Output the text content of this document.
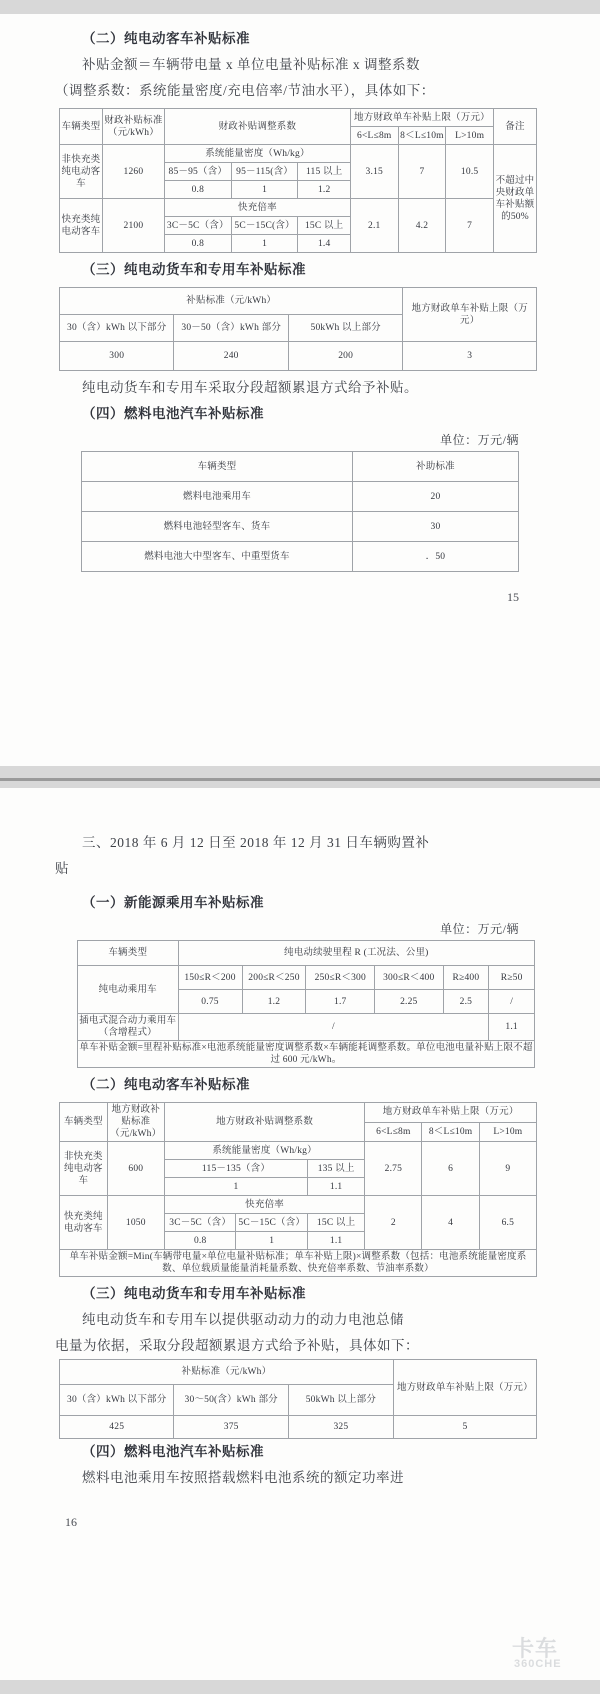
（二）纯电动客车补贴标准

补贴金额＝车辆带电量 x 单位电量补贴标准 x 调整系数

（调整系数：系统能量密度/充电倍率/节油水平），具体如下：

车辆类型	财政补贴标准（元/kWh）	财政补贴调整系数			地方财政单车补贴上限（万元）			备注
					6<L≤8m	8＜L≤10m	L>10m	
非快充类纯电动客车	1260	系统能量密度（Wh/kg）			3.15	7	10.5	不超过中央财政单车补贴额的50%
		85－95（含）	95－115(含）	115 以上				
		0.8	1	1.2				
快充类纯电动客车	2100	快充倍率			2.1	4.2	7	
		3C－5C（含）	5C－15C(含）	15C 以上				
		0.8	1	1.4				
（三）纯电动货车和专用车补贴标准
补贴标准（元/kWh）			地方财政单车补贴上限（万元）
30（含）kWh 以下部分	30－50（含）kWh 部分	50kWh 以上部分	
300	240	200	3

纯电动货车和专用车采取分段超额累退方式给予补贴。

（四）燃料电池汽车补贴标准
单位：万元/辆
车辆类型	补助标准
燃料电池乘用车	20
燃料电池轻型客车、货车	30
燃料电池大中型客车、中重型货车	．50
15

三、2018 年 6 月 12 日至 2018 年 12 月 31 日车辆购置补

贴

（一）新能源乘用车补贴标准
单位：万元/辆
车辆类型	纯电动续驶里程 R (工况法、公里)					
纯电动乘用车	150≤R＜200	200≤R＜250	250≤R＜300	300≤R＜400	R≥400	R≥50
	0.75	1.2	1.7	2.25	2.5	/
插电式混合动力乘用车（含增程式）	/					1.1
单车补贴金额=里程补贴标准×电池系统能量密度调整系数×车辆能耗调整系数。单位电池电量补贴上限不超过 600 元/kWh。						
（二）纯电动客车补贴标准
车辆类型	地方财政补贴标准（元/kWh）	地方财政补贴调整系数			地方财政单车补贴上限（万元）		
					6<L≤8m	8＜L≤10m	L>10m
非快充类纯电动客车	600	系统能量密度（Wh/kg）			2.75	6	9
		115－135（含）		135 以上			
		1		1.1			
快充类纯电动客车	1050	快充倍率			2	4	6.5
		3C－5C（含）	5C－15C（含）	15C 以上			
		0.8	1	1.1			
单车补贴金额=Min(车辆带电量×单位电量补贴标准；单车补贴上限)×调整系数（包括：电池系统能量密度系数、单位载质量能量消耗量系数、快充倍率系数、节油率系数）							
（三）纯电动货车和专用车补贴标准

纯电动货车和专用车以提供驱动动力的动力电池总储

电量为依据，采取分段超额累退方式给予补贴，具体如下：

补贴标准（元/kWh）			地方财政单车补贴上限（万元）
30（含）kWh 以下部分	30～50(含）kWh 部分	50kWh 以上部分	
425	375	325	5
（四）燃料电池汽车补贴标准

燃料电池乘用车按照搭载燃料电池系统的额定功率进

16
卡车
360CHE
